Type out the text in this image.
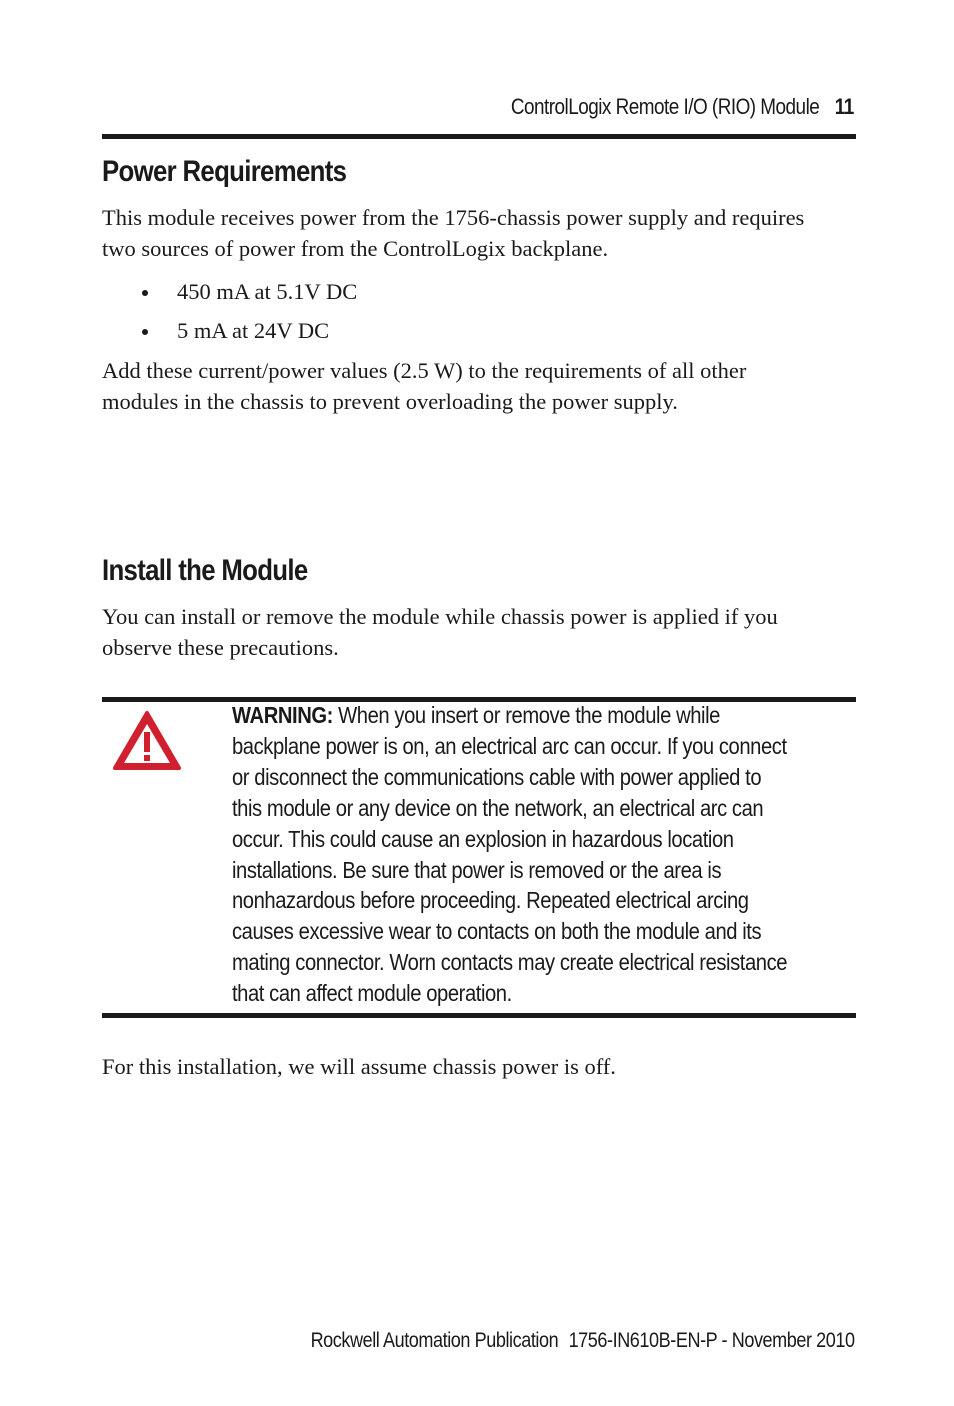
ControlLogix Remote I/O (RIO) Module 11
Power Requirements

This module receives power from the 1756-chassis power supply and requires
two sources of power from the ControlLogix backplane.

450 mA at 5.1V DC
5 mA at 24V DC

Add these current/power values (2.5 W) to the requirements of all other
modules in the chassis to prevent overloading the power supply.

Install the Module

You can install or remove the module while chassis power is applied if you
observe these precautions.

WARNING: When you insert or remove the module while
backplane power is on, an electrical arc can occur. If you connect
or disconnect the communications cable with power applied to
this module or any device on the network, an electrical arc can
occur. This could cause an explosion in hazardous location
installations. Be sure that power is removed or the area is
nonhazardous before proceeding. Repeated electrical arcing
causes excessive wear to contacts on both the module and its
mating connector. Worn contacts may create electrical resistance
that can affect module operation.

For this installation, we will assume chassis power is off.

Rockwell Automation Publication 1756-IN610B-EN-P - November 2010
